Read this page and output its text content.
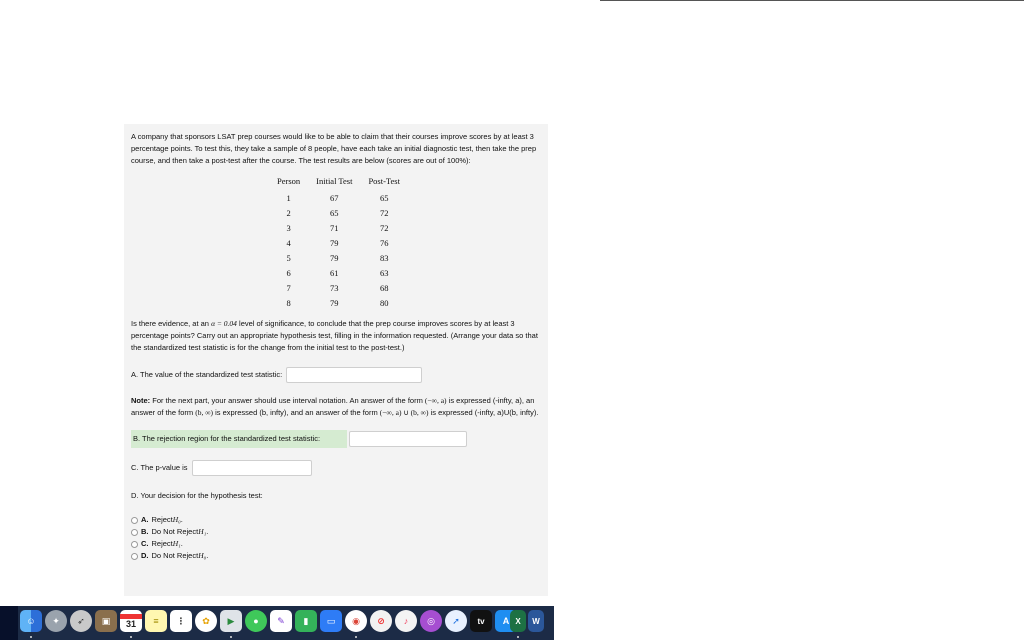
A company that sponsors LSAT prep courses would like to be able to claim that their courses improve scores by at least 3 percentage points. To test this, they take a sample of 8 people, have each take an initial diagnostic test, then take the prep course, and then take a post-test after the course. The test results are below (scores are out of 100%):

Person	Initial Test	Post-Test
1	67	65
2	65	72
3	71	72
4	79	76
5	79	83
6	61	63
7	73	68
8	79	80

Is there evidence, at an α = 0.04 level of significance, to conclude that the prep course improves scores by at least 3 percentage points? Carry out an appropriate hypothesis test, filling in the information requested. (Arrange your data so that the standardized test statistic is for the change from the initial test to the post-test.)

A. The value of the standardized test statistic:

Note: For the next part, your answer should use interval notation. An answer of the form (−∞, a) is expressed (-infty, a), an answer of the form (b, ∞) is expressed (b, infty), and an answer of the form (−∞, a) ∪ (b, ∞) is expressed (-infty, a)U(b, infty).

B. The rejection region for the standardized test statistic:
C. The p-value is
D. Your decision for the hypothesis test:
A. Reject H₀ .
B. Do Not Reject H₁ .
C. Reject H₁ .
D. Do Not Reject H₀ .
☺	✦	➶	▣	31	≡	⋮	✿	▶	●	✎	▮	▭	◉	⊘	♪	◎	➚	tv	A X	W
